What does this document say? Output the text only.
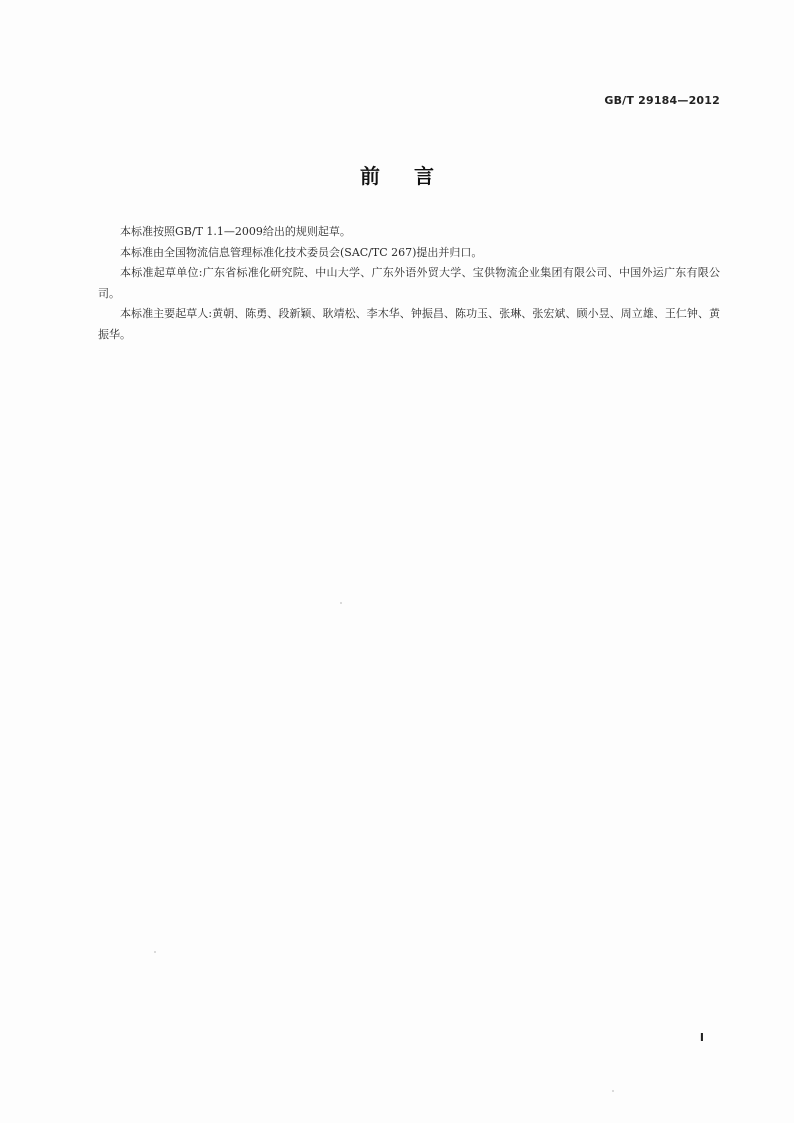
GB/T 29184—2012
前言

本标准按照GB/T 1.1—2009给出的规则起草。

本标准由全国物流信息管理标准化技术委员会(SAC/TC 267)提出并归口。

本标准起草单位:广东省标准化研究院、中山大学、广东外语外贸大学、宝供物流企业集团有限公司、中国外运广东有限公司。

本标准主要起草人:黄朝、陈勇、段新颖、耿靖松、李木华、钟振昌、陈功玉、张琳、张宏斌、顾小昱、周立雄、王仁钟、黄振华。

I
